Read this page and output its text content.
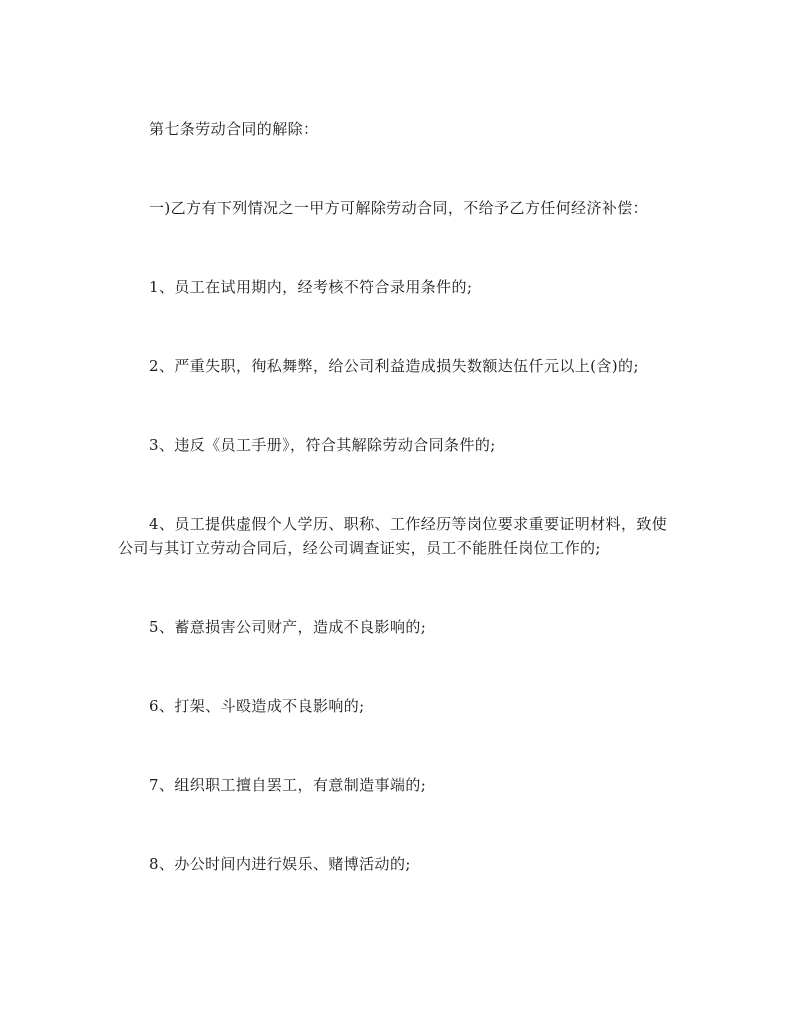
第七条劳动合同的解除：

一)乙方有下列情况之一甲方可解除劳动合同，不给予乙方任何经济补偿：

1、员工在试用期内，经考核不符合录用条件的;

2、严重失职，徇私舞弊，给公司利益造成损失数额达伍仟元以上(含)的;

3、违反《员工手册》，符合其解除劳动合同条件的;

4、员工提供虚假个人学历、职称、工作经历等岗位要求重要证明材料，致使公司与其订立劳动合同后，经公司调查证实，员工不能胜任岗位工作的;

5、蓄意损害公司财产，造成不良影响的;

6、打架、斗殴造成不良影响的;

7、组织职工擅自罢工，有意制造事端的;

8、办公时间内进行娱乐、赌博活动的;
